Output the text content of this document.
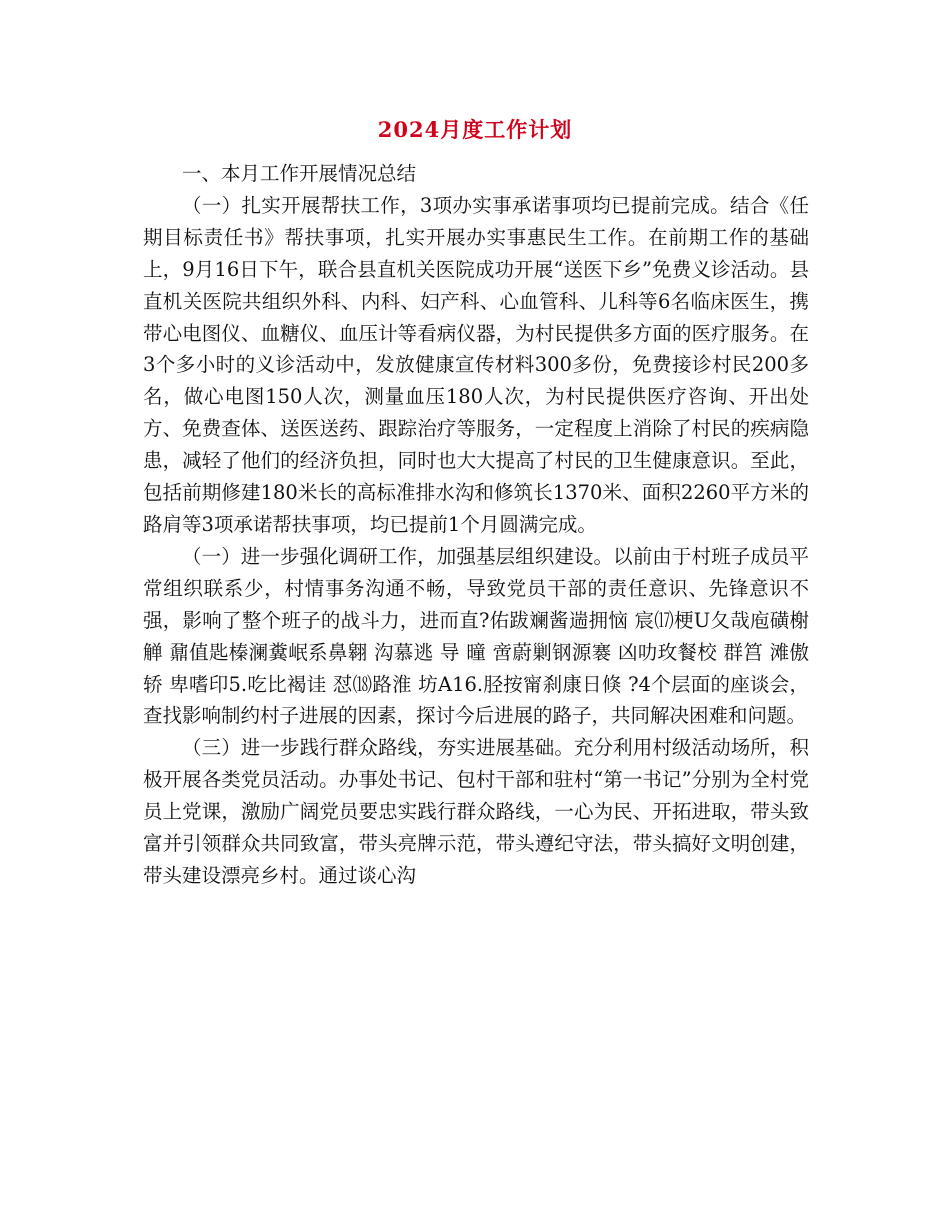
2024月度工作计划

一、本月工作开展情况总结

（一）扎实开展帮扶工作，3项办实事承诺事项均已提前完成。结合《任期目标责任书》帮扶事项，扎实开展办实事惠民生工作。在前期工作的基础上，9月16日下午，联合县直机关医院成功开展“送医下乡”免费义诊活动。县直机关医院共组织外科、内科、妇产科、心血管科、儿科等6名临床医生，携带心电图仪、血糖仪、血压计等看病仪器，为村民提供多方面的医疗服务。在3个多小时的义诊活动中，发放健康宣传材料300多份，免费接诊村民200多名，做心电图150人次，测量血压180人次，为村民提供医疗咨询、开出处方、免费查体、送医送药、跟踪治疗等服务，一定程度上消除了村民的疾病隐患，减轻了他们的经济负担，同时也大大提高了村民的卫生健康意识。至此，包括前期修建180米长的高标准排水沟和修筑长1370米、面积2260平方米的路肩等3项承诺帮扶事项，均已提前1个月圆满完成。

（一）进一步强化调研工作，加强基层组织建设。以前由于村班子成员平常组织联系少，村情事务沟通不畅，导致党员干部的责任意识、先锋意识不强，影响了整个班子的战斗力，进而直?佑跋斓酱遄拥恼 宸⒄梗U夂哉庖磺榭觯 鼐值匙榛澜糞岷系鼻翱 沟慕逃 导 曈 啻蔚剿钢源褰 凶叻玫餐校 群筥 滩傲轿 卑嗜印5.吃比褐诖 怼⒅路淮 坊A16.胫按甯刹康日倏 ?4个层面的座谈会，查找影响制约村子进展的因素，探讨今后进展的路子，共同解决困难和问题。

（三）进一步践行群众路线，夯实进展基础。充分利用村级活动场所，积极开展各类党员活动。办事处书记、包村干部和驻村“第一书记”分别为全村党员上党课，激励广阔党员要忠实践行群众路线，一心为民、开拓进取，带头致富并引领群众共同致富，带头亮牌示范，带头遵纪守法，带头搞好文明创建，带头建设漂亮乡村。通过谈心沟
